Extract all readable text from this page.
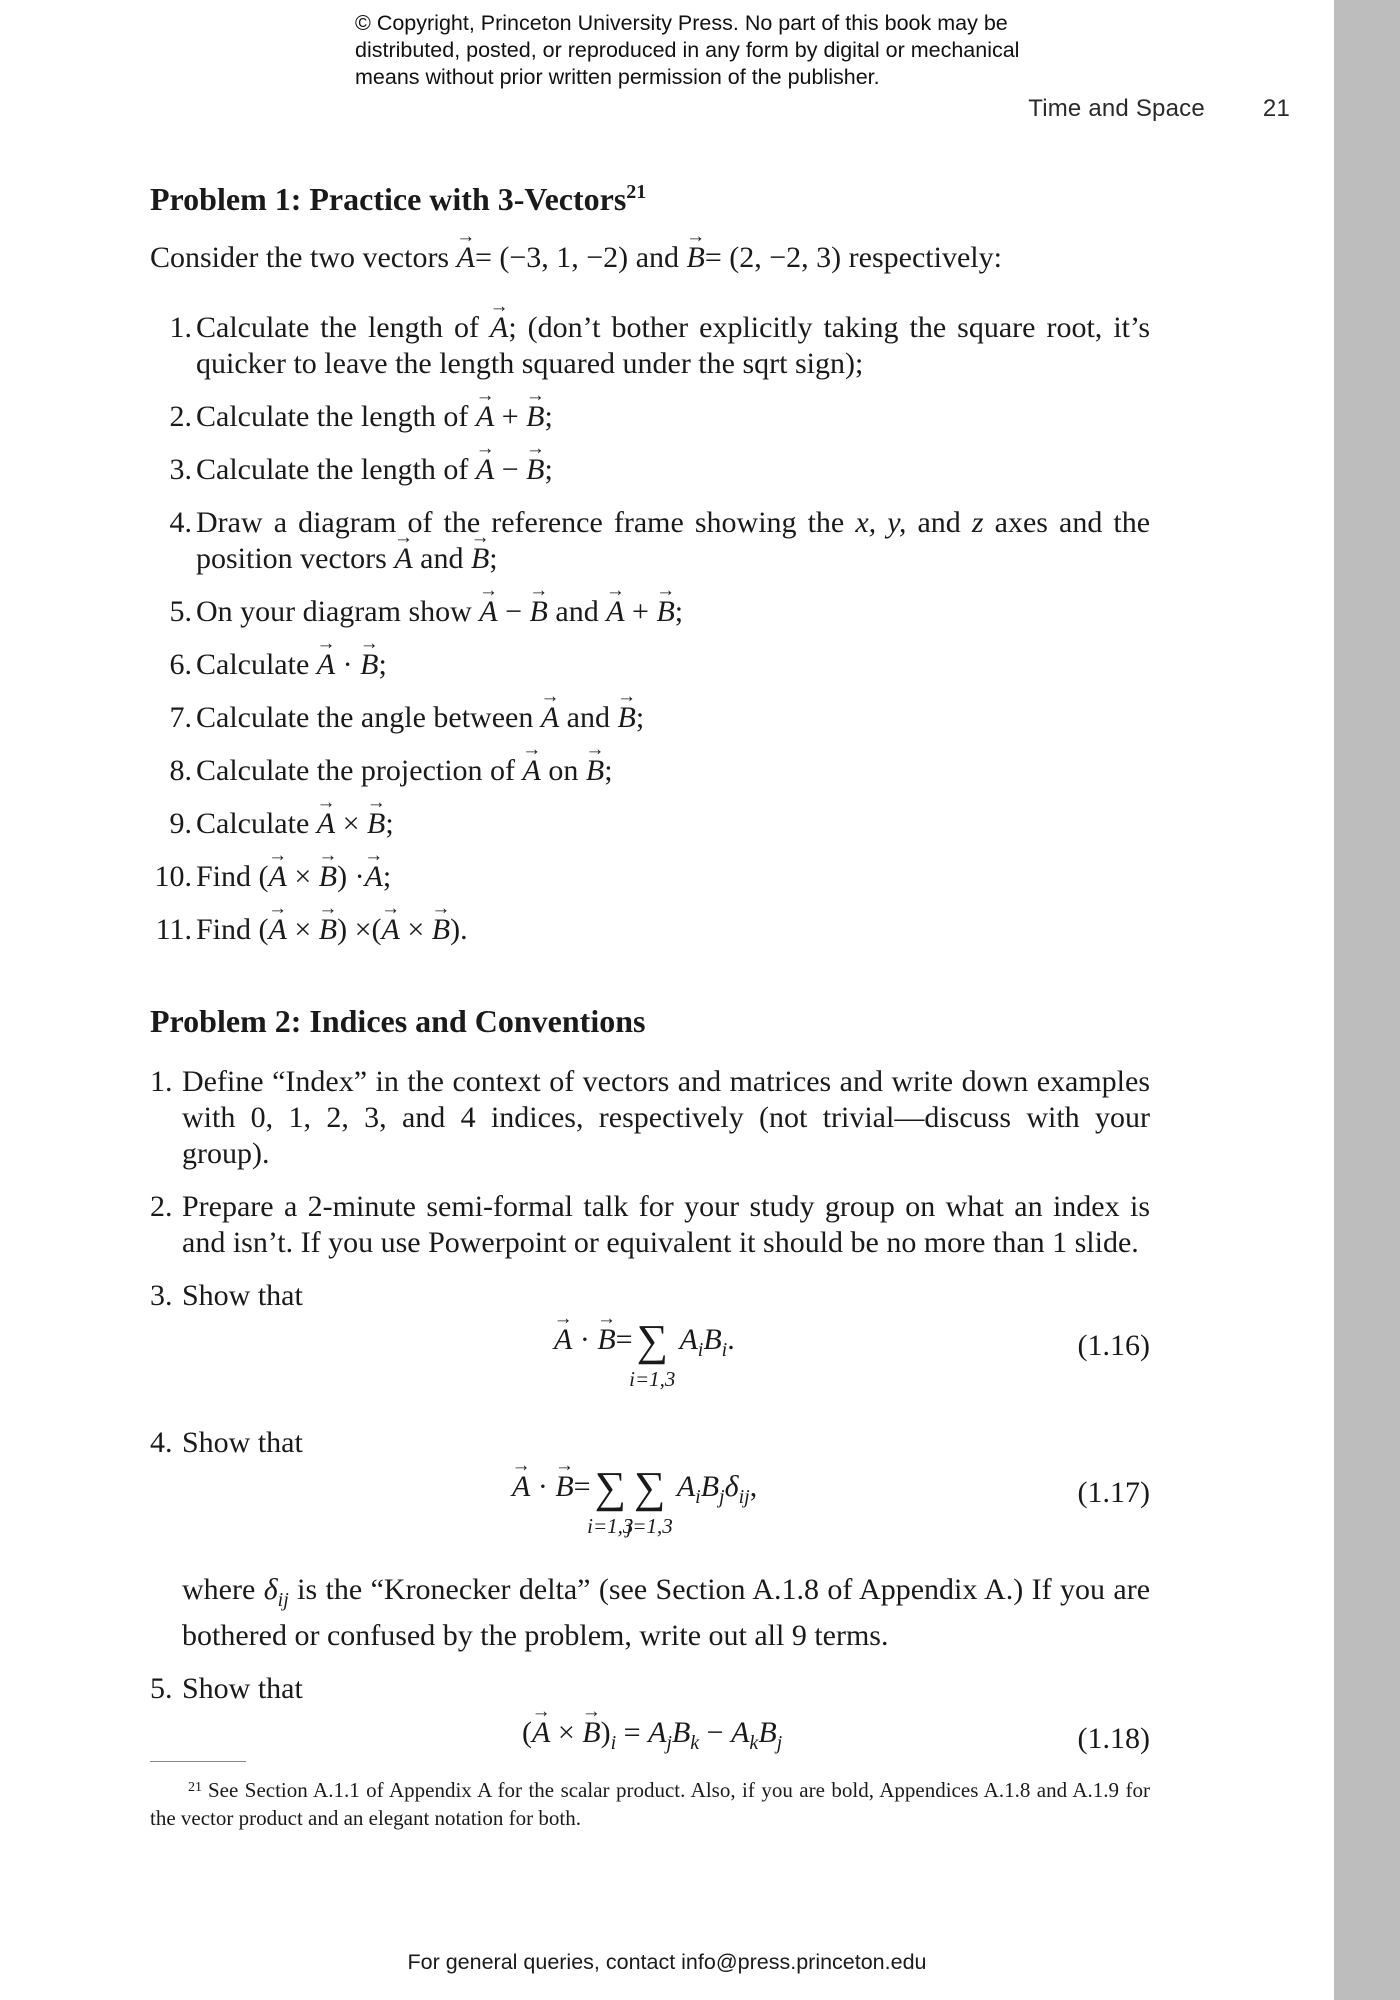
© Copyright, Princeton University Press. No part of this book may be distributed, posted, or reproduced in any form by digital or mechanical means without prior written permission of the publisher.
Time and Space 21
Problem 1: Practice with 3-Vectors$^{21}$

Consider the two vectors → A= (−3, 1, −2) and → B= (2, −2, 3) respectively:

1. Calculate the length of → A; (don’t bother explicitly taking the square root, it’s quicker to leave the length squared under the sqrt sign);
2. Calculate the length of → A + → B;
3. Calculate the length of → A − → B;
4. Draw a diagram of the reference frame showing the x, y, and z axes and the position vectors → A and → B;
5. On your diagram show → A − → B and → A + → B;
6. Calculate → A · → B;
7. Calculate the angle between → A and → B;
8. Calculate the projection of → A on → B;
9. Calculate → A × → B;
10. Find (→ A × → B) ·→ A;
11. Find (→ A × → B) ×(→ A × → B).
Problem 2: Indices and Conventions
1. Define “Index” in the context of vectors and matrices and write down examples with 0, 1, 2, 3, and 4 indices, respectively (not trivial—discuss with your group).
2. Prepare a 2-minute semi-formal talk for your study group on what an index is and isn’t. If you use Powerpoint or equivalent it should be no more than 1 slide.
3. Show that
→ A · → B=∑
i=1,3
$A_iB_i$.	(1.16)
4. Show that
→ A · → B=∑
i=1,3
∑
j=1,3
$A_iB_j\delta_{ij}$,	(1.17)
where $\delta_{ij}$ is the “Kronecker delta” (see Section A.1.8 of Appendix A.) If you are bothered or confused by the problem, write out all 9 terms.
5. Show that
(→ A × → $B)_i = A_jB_k - A_kB_j$	(1.18)
$^{21}$ See Section A.1.1 of Appendix A for the scalar product. Also, if you are bold, Appendices A.1.8 and A.1.9 for the vector product and an elegant notation for both.
For general queries, contact info@press.princeton.edu
